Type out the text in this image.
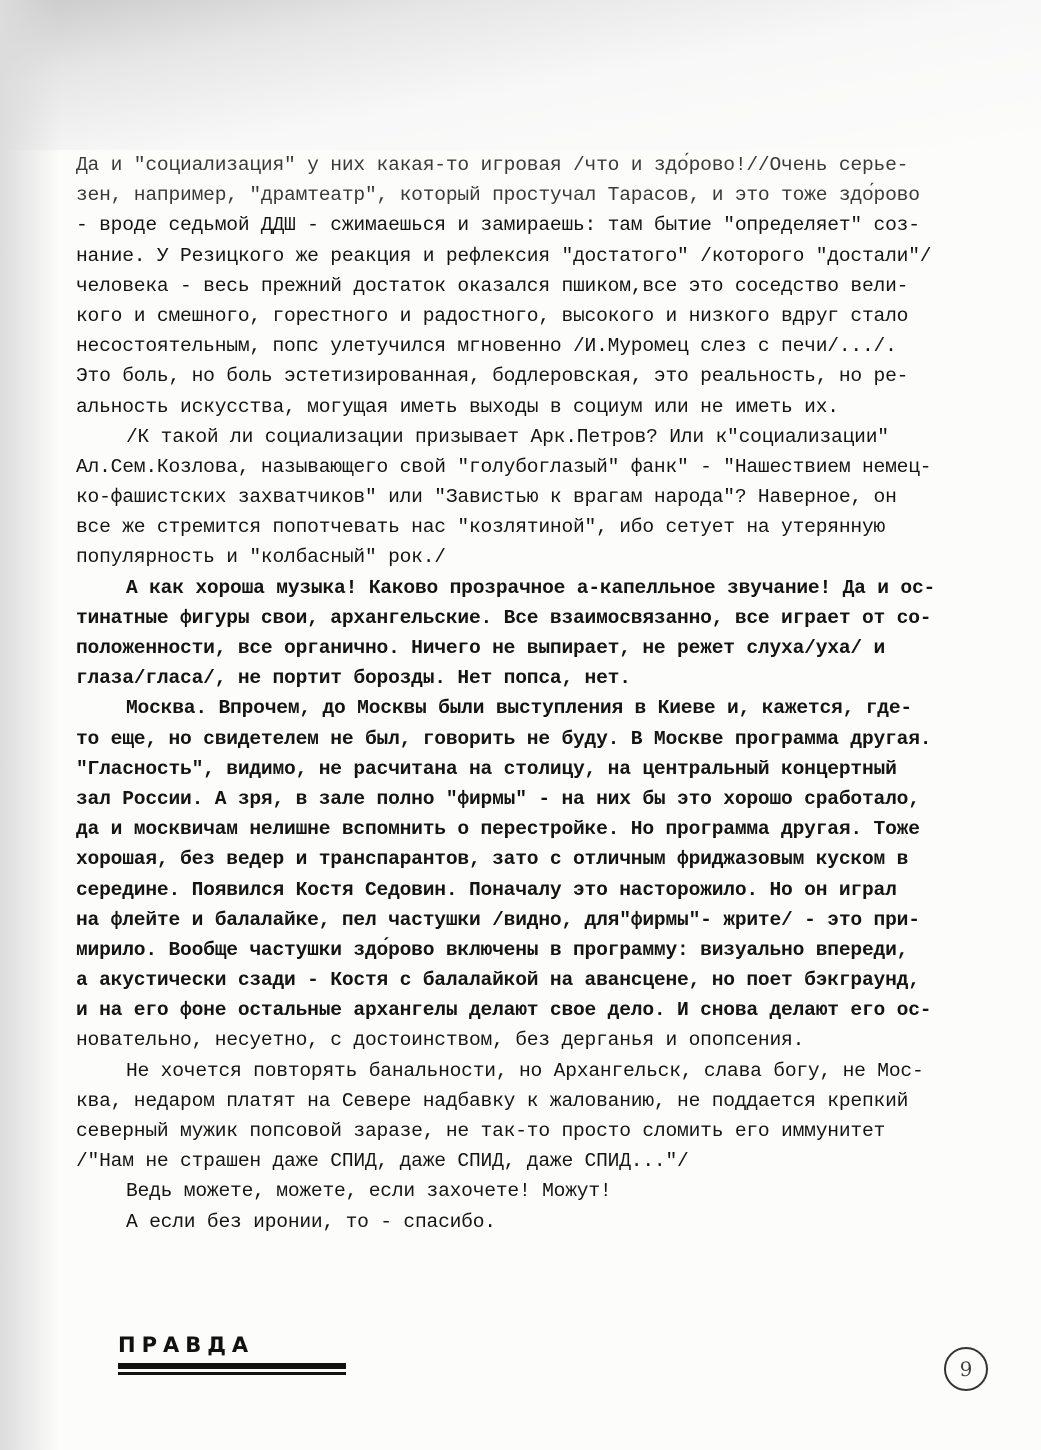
Да и "социализация" у них какая-то игровая /что и здо́рово!//Очень серье-
зен, например, "драмтеатр", который простучал Тарасов, и это тоже здо́рово
- вроде седьмой ДДШ - сжимаешься и замираешь: там бытие "определяет" соз-
нание. У Резицкого же реакция и рефлексия "достатого" /которого "достали"/
человека - весь прежний достаток оказался пшиком,все это соседство вели-
кого и смешного, горестного и радостного, высокого и низкого вдруг стало
несостоятельным, попс улетучился мгновенно /И.Муромец слез с печи/.../.
Это боль, но боль эстетизированная, бодлеровская, это реальность, но ре-
альность искусства, могущая иметь выходы в социум или не иметь их.
/К такой ли социализации призывает Арк.Петров? Или к"социализации"
Ал.Сем.Козлова, называющего свой "голубоглазый" фанк" - "Нашествием немец-
ко-фашистских захватчиков" или "Завистью к врагам народа"? Наверное, он
все же стремится попотчевать нас "козлятиной", ибо сетует на утерянную
популярность и "колбасный" рок./
А как хороша музыка! Каково прозрачное а-капелльное звучание! Да и ос-
тинатные фигуры свои, архангельские. Все взаимосвязанно, все играет от со-
положенности, все органично. Ничего не выпирает, не режет слуха/уха/ и
глаза/гласа/, не портит борозды. Нет попса, нет.
Москва. Впрочем, до Москвы были выступления в Киеве и, кажется, где-
то еще, но свидетелем не был, говорить не буду. В Москве программа другая.
"Гласность", видимо, не расчитана на столицу, на центральный концертный
зал России. А зря, в зале полно "фирмы" - на них бы это хорошо сработало,
да и москвичам нелишне вспомнить о перестройке. Но программа другая. Тоже
хорошая, без ведер и транспарантов, зато с отличным фриджазовым куском в
середине. Появился Костя Седовин. Поначалу это насторожило. Но он играл
на флейте и балалайке, пел частушки /видно, для"фирмы"- жрите/ - это при-
мирило. Вообще частушки здо́рово включены в программу: визуально впереди,
а акустически сзади - Костя с балалайкой на авансцене, но поет бэкграунд,
и на его фоне остальные архангелы делают свое дело. И снова делают его ос-
новательно, несуетно, с достоинством, без дерганья и опопсения.
Не хочется повторять банальности, но Архангельск, слава богу, не Мос-
ква, недаром платят на Севере надбавку к жалованию, не поддается крепкий
северный мужик попсовой заразе, не так-то просто сломить его иммунитет
/"Нам не страшен даже СПИД, даже СПИД, даже СПИД..."/
Ведь можете, можете, если захочете! Можут!
А если без иронии, то - спасибо.
ПРАВДА
9
